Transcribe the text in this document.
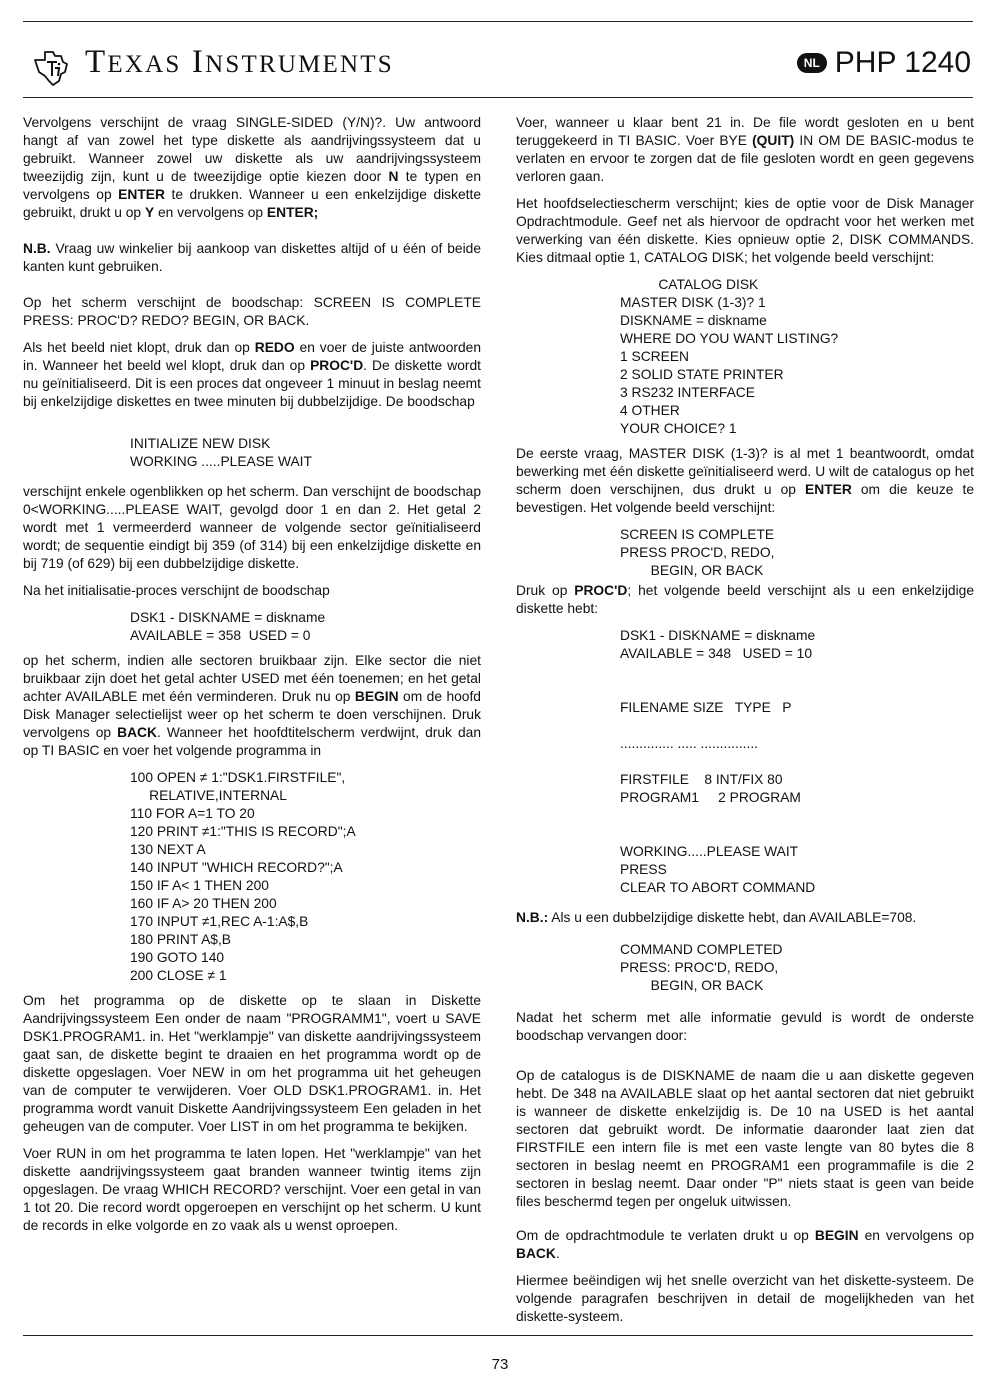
TEXAS INSTRUMENTS	NL PHP 1240

Vervolgens verschijnt de vraag SINGLE-SIDED (Y/N)?. Uw antwoord hangt af van zowel het type diskette als aandrijvingssysteem dat u gebruikt. Wanneer zowel uw diskette als uw aandrijvingssysteem tweezijdig zijn, kunt u de tweezijdige optie kiezen door N te typen en vervolgens op ENTER te drukken. Wanneer u een enkelzijdige diskette gebruikt, drukt u op Y en vervolgens op ENTER;

N.B. Vraag uw winkelier bij aankoop van diskettes altijd of u één of beide kanten kunt gebruiken.

Op het scherm verschijnt de boodschap: SCREEN IS COMPLETE PRESS: PROC'D? REDO? BEGIN, OR BACK.

Als het beeld niet klopt, druk dan op REDO en voer de juiste antwoorden in. Wanneer het beeld wel klopt, druk dan op PROC'D. De diskette wordt nu geïnitialiseerd. Dit is een proces dat ongeveer 1 minuut in beslag neemt bij enkelzijdige diskettes en twee minuten bij dubbelzijdige. De boodschap

INITIALIZE NEW DISK
WORKING .....PLEASE WAIT

verschijnt enkele ogenblikken op het scherm. Dan verschijnt de boodschap 0<WORKING.....PLEASE WAIT, gevolgd door 1 en dan 2. Het getal 2 wordt met 1 vermeerderd wanneer de volgende sector geïnitialiseerd wordt; de sequentie eindigt bij 359 (of 314) bij een enkelzijdige diskette en bij 719 (of 629) bij een dubbelzijdige diskette.

Na het initialisatie-proces verschijnt de boodschap

DSK1 - DISKNAME = diskname
AVAILABLE = 358  USED = 0

op het scherm, indien alle sectoren bruikbaar zijn. Elke sector die niet bruikbaar zijn doet het getal achter USED met één toenemen; en het getal achter AVAILABLE met één verminderen. Druk nu op BEGIN om de hoofd Disk Manager selectielijst weer op het scherm te doen verschijnen. Druk vervolgens op BACK. Wanneer het hoofdtitelscherm verdwijnt, druk dan op TI BASIC en voer het volgende programma in

100 OPEN ≠ 1:"DSK1.FIRSTFILE",
RELATIVE,INTERNAL
110 FOR A=1 TO 20
120 PRINT ≠1:"THIS IS RECORD";A
130 NEXT A
140 INPUT "WHICH RECORD?";A
150 IF A< 1 THEN 200
160 IF A> 20 THEN 200
170 INPUT ≠1,REC A-1:A$,B
180 PRINT A$,B
190 GOTO 140
200 CLOSE ≠ 1

Om het programma op de diskette op te slaan in Diskette Aandrijvingssysteem Een onder de naam "PROGRAMM1", voert u SAVE DSK1.PROGRAM1. in. Het "werklampje" van diskette aandrijvingssysteem gaat san, de diskette begint te draaien en het programma wordt op de diskette opgeslagen. Voer NEW in om het programma uit het geheugen van de computer te verwijderen. Voer OLD DSK1.PROGRAM1. in. Het programma wordt vanuit Diskette Aandrijvingssysteem Een geladen in het geheugen van de computer. Voer LIST in om het programma te bekijken.

Voer RUN in om het programma te laten lopen. Het "werklampje" van het diskette aandrijvingssysteem gaat branden wanneer twintig items zijn opgeslagen. De vraag WHICH RECORD? verschijnt. Voer een getal in van 1 tot 20. Die record wordt opgeroepen en verschijnt op het scherm. U kunt de records in elke volgorde en zo vaak als u wenst oproepen.

Voer, wanneer u klaar bent 21 in. De file wordt gesloten en u bent teruggekeerd in TI BASIC. Voer BYE (QUIT) IN OM DE BASIC-modus te verlaten en ervoor te zorgen dat de file gesloten wordt en geen gegevens verloren gaan.

Het hoofdselectiescherm verschijnt; kies de optie voor de Disk Manager Opdrachtmodule. Geef net als hiervoor de opdracht voor het werken met verwerking van één diskette. Kies opnieuw optie 2, DISK COMMANDS. Kies ditmaal optie 1, CATALOG DISK; het volgende beeld verschijnt:

CATALOG DISK
MASTER DISK (1-3)? 1
DISKNAME = diskname
WHERE DO YOU WANT LISTING?
1 SCREEN
2 SOLID STATE PRINTER
3 RS232 INTERFACE
4 OTHER
YOUR CHOICE? 1

De eerste vraag, MASTER DISK (1-3)? is al met 1 beantwoordt, omdat bewerking met één diskette geïnitialiseerd werd. U wilt de catalogus op het scherm doen verschijnen, dus drukt u op ENTER om die keuze te bevestigen. Het volgende beeld verschijnt:

SCREEN IS COMPLETE
PRESS PROC'D, REDO,
BEGIN, OR BACK

Druk op PROC'D; het volgende beeld verschijnt als u een enkelzijdige diskette hebt:

DSK1 - DISKNAME = diskname
AVAILABLE = 348   USED = 10

FILENAME SIZE   TYPE   P

.............. ..... ...............

FIRSTFILE    8 INT/FIX 80
PROGRAM1     2 PROGRAM

WORKING.....PLEASE WAIT
PRESS
CLEAR TO ABORT COMMAND

N.B.: Als u een dubbelzijdige diskette hebt, dan AVAILABLE=708.

COMMAND COMPLETED
PRESS: PROC'D, REDO,
BEGIN, OR BACK

Nadat het scherm met alle informatie gevuld is wordt de onderste boodschap vervangen door:

Op de catalogus is de DISKNAME de naam die u aan diskette gegeven hebt. De 348 na AVAILABLE slaat op het aantal sectoren dat niet gebruikt is wanneer de diskette enkelzijdig is. De 10 na USED is het aantal sectoren dat gebruikt wordt. De informatie daaronder laat zien dat FIRSTFILE een intern file is met een vaste lengte van 80 bytes die 8 sectoren in beslag neemt en PROGRAM1 een programmafile is die 2 sectoren in beslag neemt. Daar onder "P" niets staat is geen van beide files beschermd tegen per ongeluk uitwissen.

Om de opdrachtmodule te verlaten drukt u op BEGIN en vervolgens op BACK.

Hiermee beëindigen wij het snelle overzicht van het diskette-systeem. De volgende paragrafen beschrijven in detail de mogelijkheden van het diskette-systeem.

73
